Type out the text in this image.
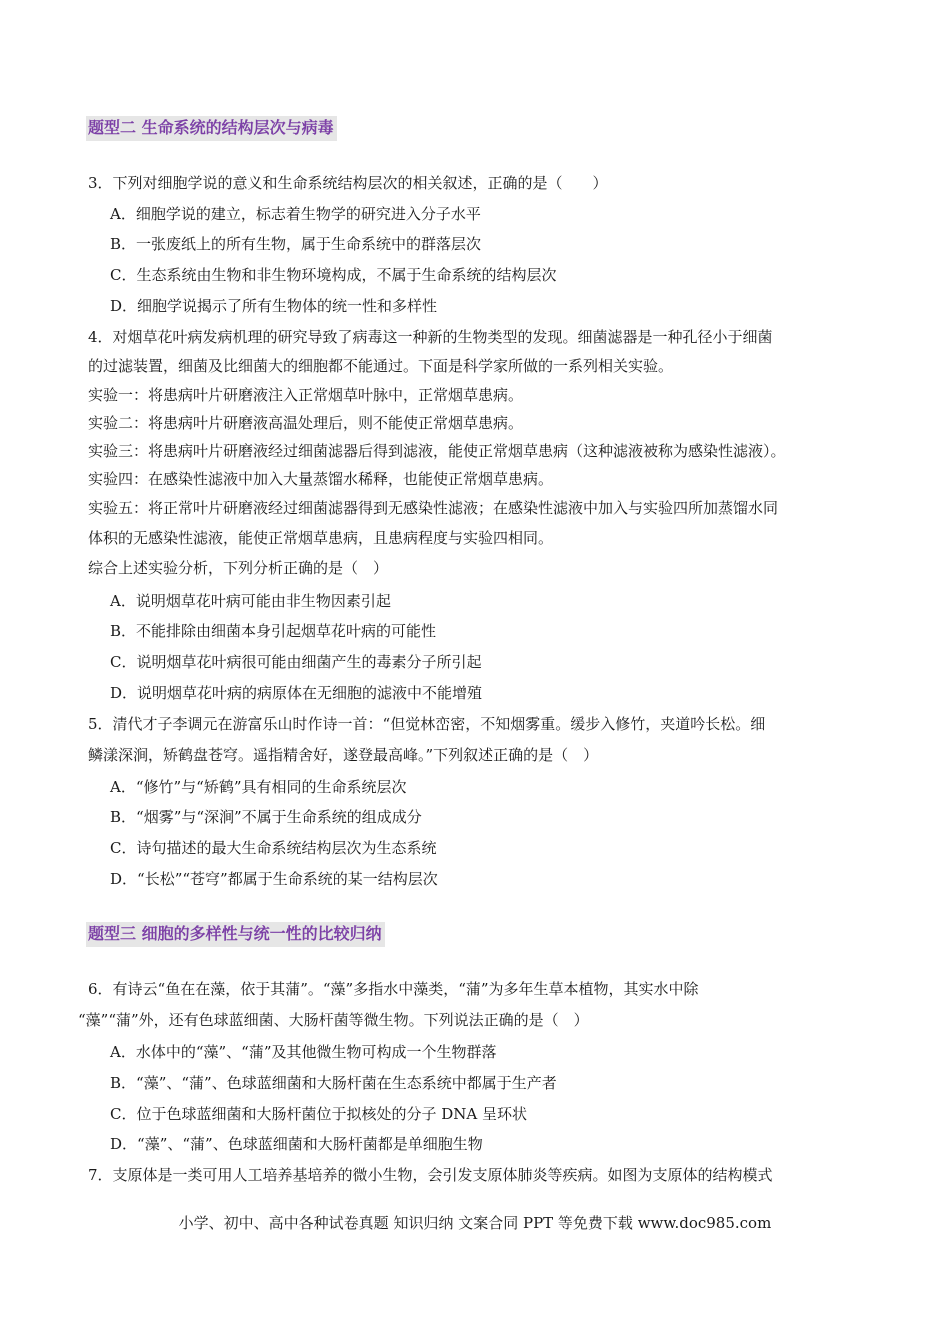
题型二 生命系统的结构层次与病毒
3．下列对细胞学说的意义和生命系统结构层次的相关叙述，正确的是（　　）
A．细胞学说的建立，标志着生物学的研究进入分子水平
B．一张废纸上的所有生物，属于生命系统中的群落层次
C．生态系统由生物和非生物环境构成，不属于生命系统的结构层次
D．细胞学说揭示了所有生物体的统一性和多样性
4．对烟草花叶病发病机理的研究导致了病毒这一种新的生物类型的发现。细菌滤器是一种孔径小于细菌
的过滤装置，细菌及比细菌大的细胞都不能通过。下面是科学家所做的一系列相关实验。
实验一：将患病叶片研磨液注入正常烟草叶脉中，正常烟草患病。
实验二：将患病叶片研磨液高温处理后，则不能使正常烟草患病。
实验三：将患病叶片研磨液经过细菌滤器后得到滤液，能使正常烟草患病（这种滤液被称为感染性滤液）。
实验四：在感染性滤液中加入大量蒸馏水稀释，也能使正常烟草患病。
实验五：将正常叶片研磨液经过细菌滤器得到无感染性滤液；在感染性滤液中加入与实验四所加蒸馏水同
体积的无感染性滤液，能使正常烟草患病，且患病程度与实验四相同。
综合上述实验分析，下列分析正确的是（　）
A．说明烟草花叶病可能由非生物因素引起
B．不能排除由细菌本身引起烟草花叶病的可能性
C．说明烟草花叶病很可能由细菌产生的毒素分子所引起
D．说明烟草花叶病的病原体在无细胞的滤液中不能增殖
5．清代才子李调元在游富乐山时作诗一首：“但觉林峦密，不知烟雾重。缓步入修竹，夹道吟长松。细
鳞漾深涧，矫鹤盘苍穹。遥指精舍好，遂登最高峰。”下列叙述正确的是（　）
A．“修竹”与“矫鹤”具有相同的生命系统层次
B．“烟雾”与“深涧”不属于生命系统的组成成分
C．诗句描述的最大生命系统结构层次为生态系统
D．“长松”“苍穹”都属于生命系统的某一结构层次
题型三 细胞的多样性与统一性的比较归纳
6．有诗云“鱼在在藻，依于其蒲”。“藻”多指水中藻类，“蒲”为多年生草本植物，其实水中除
“藻”“蒲”外，还有色球蓝细菌、大肠杆菌等微生物。下列说法正确的是（　）
A．水体中的“藻”、“蒲”及其他微生物可构成一个生物群落
B．“藻”、“蒲”、色球蓝细菌和大肠杆菌在生态系统中都属于生产者
C．位于色球蓝细菌和大肠杆菌位于拟核处的分子 DNA 呈环状
D．“藻”、“蒲”、色球蓝细菌和大肠杆菌都是单细胞生物
7．支原体是一类可用人工培养基培养的微小生物，会引发支原体肺炎等疾病。如图为支原体的结构模式
小学、初中、高中各种试卷真题 知识归纳 文案合同 PPT 等免费下载 www.doc985.com
